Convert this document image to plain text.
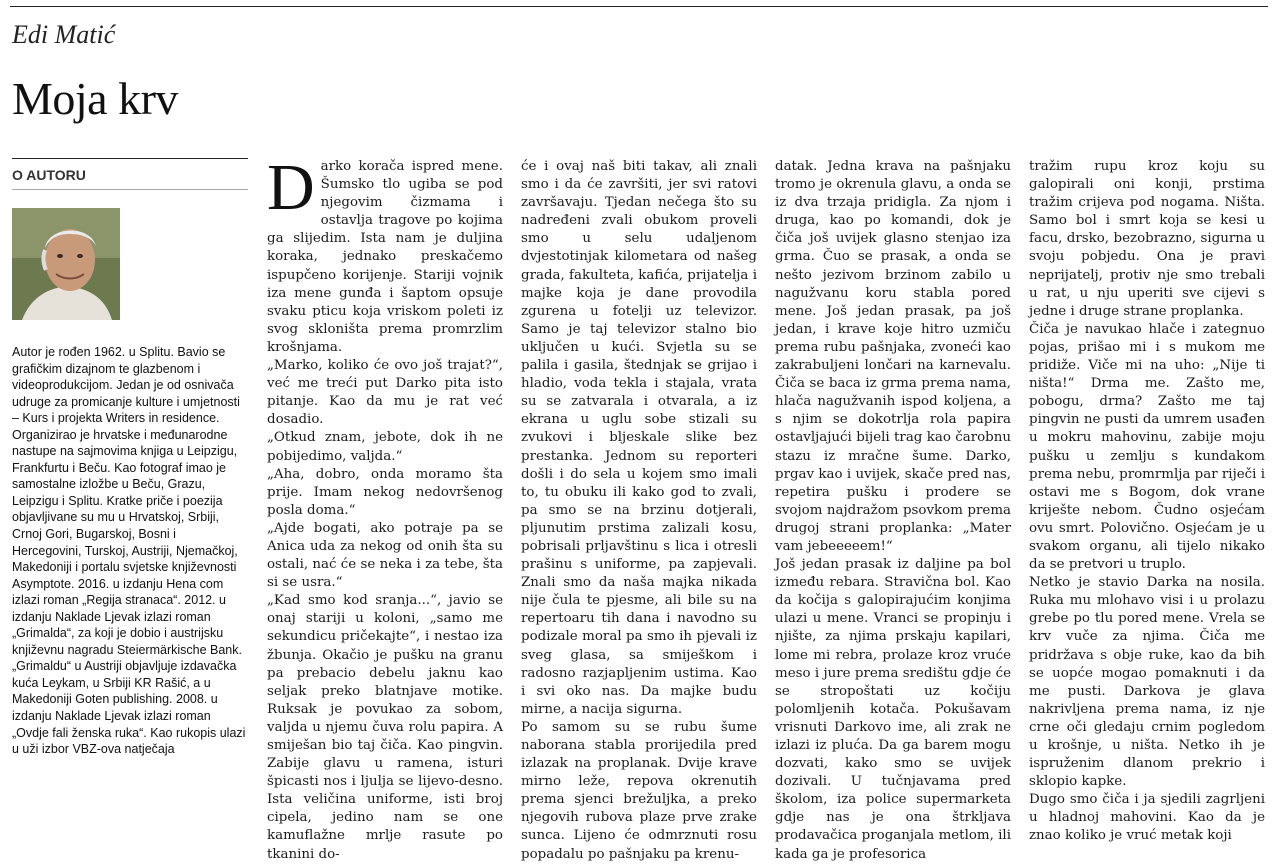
Edi Matić
Moja krv
O AUTORU

Autor je rođen 1962. u Splitu. Bavio se grafičkim dizajnom te glazbenom i videoprodukcijom. Jedan je od osnivača udruge za promicanje kulture i umjetnosti – Kurs i projekta Writers in residence. Organizirao je hrvatske i međunarodne nastupe na sajmovima knjiga u Leipzigu, Frankfurtu i Beču. Kao fotograf imao je samostalne izložbe u Beču, Grazu, Leipzigu i Splitu. Kratke priče i poezija objavljivane su mu u Hrvatskoj, Srbiji, Crnoj Gori, Bugarskoj, Bosni i Hercegovini, Turskoj, Austriji, Njemačkoj, Makedoniji i portalu svjetske književnosti Asymptote. 2016. u izdanju Hena com izlazi roman „Regija stranaca“. 2012. u izdanju Naklade Ljevak izlazi roman „Grimalda“, za koji je dobio i austrijsku književnu nagradu Steiermärkische Bank. „Grimaldu“ u Austriji objavljuje izdavačka kuća Leykam, u Srbiji KR Rašić, a u Makedoniji Goten publishing. 2008. u izdanju Naklade Ljevak izlazi roman „Ovdje fali ženska ruka“. Kao rukopis ulazi u uži izbor VBZ-ova natječaja

Darko korača ispred mene. Šumsko tlo ugiba se pod njegovim čizmama i ostavlja tragove po kojima ga slijedim. Ista nam je duljina koraka, jednako preskačemo ispupčeno korijenje. Stariji vojnik iza mene gunđa i šaptom opsuje svaku pticu koja vriskom poleti iz svog skloništa prema promrzlim krošnjama.

„Marko, koliko će ovo još trajat?“, već me treći put Darko pita isto pitanje. Kao da mu je rat već dosadio.

„Otkud znam, jebote, dok ih ne pobijedimo, valjda.“

„Aha, dobro, onda moramo šta prije. Imam nekog nedovršenog posla doma.“

„Ajde bogati, ako potraje pa se Anica uda za nekog od onih šta su ostali, nać će se neka i za tebe, šta si se usra.“

„Kad smo kod sranja...“, javio se onaj stariji u koloni, „samo me sekundicu pričekajte“, i nestao iza žbunja. Okačio je pušku na granu pa prebacio debelu jaknu kao seljak preko blatnjave motike. Ruksak je povukao za sobom, valjda u njemu čuva rolu papira. A smiješan bio taj čiča. Kao pingvin. Zabije glavu u ramena, isturi špicasti nos i ljulja se lijevo-desno. Ista veličina uniforme, isti broj cipela, jedino nam se one kamuflažne mrlje rasute po tkanini do-

će i ovaj naš biti takav, ali znali smo i da će završiti, jer svi ratovi završavaju. Tjedan nečega što su nadređeni zvali obukom proveli smo u selu udaljenom dvjestotinjak kilometara od našeg grada, fakulteta, kafića, prijatelja i majke koja je dane provodila zgurena u fotelji uz televizor. Samo je taj televizor stalno bio uključen u kući. Svjetla su se palila i gasila, štednjak se grijao i hladio, voda tekla i stajala, vrata su se zatvarala i otvarala, a iz ekrana u uglu sobe stizali su zvukovi i bljeskale slike bez prestanka. Jednom su reporteri došli i do sela u kojem smo imali to, tu obuku ili kako god to zvali, pa smo se na brzinu dotjerali, pljunutim prstima zalizali kosu, pobrisali prljavštinu s lica i otresli prašinu s uniforme, pa zapjevali. Znali smo da naša majka nikada nije čula te pjesme, ali bile su na repertoaru tih dana i navodno su podizale moral pa smo ih pjevali iz sveg glasa, sa smiješkom i radosno razjapljenim ustima. Kao i svi oko nas. Da majke budu mirne, a nacija sigurna.

Po samom su se rubu šume naborana stabla prorijedila pred izlazak na proplanak. Dvije krave mirno leže, repova okrenutih prema sjenci brežuljka, a preko njegovih rubova plaze prve zrake sunca. Lijeno će odmrznuti rosu popadalu po pašnjaku pa krenu-

datak. Jedna krava na pašnjaku tromo je okrenula glavu, a onda se iz dva trzaja pridigla. Za njom i druga, kao po komandi, dok je čiča još uvijek glasno stenjao iza grma. Čuo se prasak, a onda se nešto jezivom brzinom zabilo u nagužvanu koru stabla pored mene. Još jedan prasak, pa još jedan, i krave koje hitro uzmiču prema rubu pašnjaka, zvoneći kao zakrabuljeni lončari na karnevalu. Čiča se baca iz grma prema nama, hlača nagužvanih ispod koljena, a s njim se dokotrlja rola papira ostavljajući bijeli trag kao čarobnu stazu iz mračne šume. Darko, prgav kao i uvijek, skače pred nas, repetira pušku i prodere se svojom najdražom psovkom prema drugoj strani proplanka: „Mater vam jebeeeeem!“

Još jedan prasak iz daljine pa bol između rebara. Stravična bol. Kao da kočija s galopirajućim konjima ulazi u mene. Vranci se propinju i njište, za njima prskaju kapilari, lome mi rebra, prolaze kroz vruće meso i jure prema središtu gdje će se stropoštati uz kočiju polomljenih kotača. Pokušavam vrisnuti Darkovo ime, ali zrak ne izlazi iz pluća. Da ga barem mogu dozvati, kako smo se uvijek dozivali. U tučnjavama pred školom, iza police supermarketa gdje nas je ona štrkljava prodavačica proganjala metlom, ili kada ga je profesorica

tražim rupu kroz koju su galopirali oni konji, prstima tražim crijeva pod nogama. Ništa. Samo bol i smrt koja se kesi u facu, drsko, bezobrazno, sigurna u svoju pobjedu. Ona je pravi neprijatelj, protiv nje smo trebali u rat, u nju uperiti sve cijevi s jedne i druge strane proplanka.

Čiča je navukao hlače i zategnuo pojas, prišao mi i s mukom me pridiže. Viče mi na uho: „Nije ti ništa!“ Drma me. Zašto me, pobogu, drma? Zašto me taj pingvin ne pusti da umrem usađen u mokru mahovinu, zabije moju pušku u zemlju s kundakom prema nebu, promrmlja par riječi i ostavi me s Bogom, dok vrane kriješte nebom. Čudno osjećam ovu smrt. Polovično. Osjećam je u svakom organu, ali tijelo nikako da se pretvori u truplo.

Netko je stavio Darka na nosila. Ruka mu mlohavo visi i u prolazu grebe po tlu pored mene. Vrela se krv vuče za njima. Čiča me pridržava s obje ruke, kao da bih se uopće mogao pomaknuti i da me pusti. Darkova je glava nakrivljena prema nama, iz nje crne oči gledaju crnim pogledom u krošnje, u ništa. Netko ih je ispruženim dlanom prekrio i sklopio kapke.

Dugo smo čiča i ja sjedili zagrljeni u hladnoj mahovini. Kao da je znao koliko je vruć metak koji
